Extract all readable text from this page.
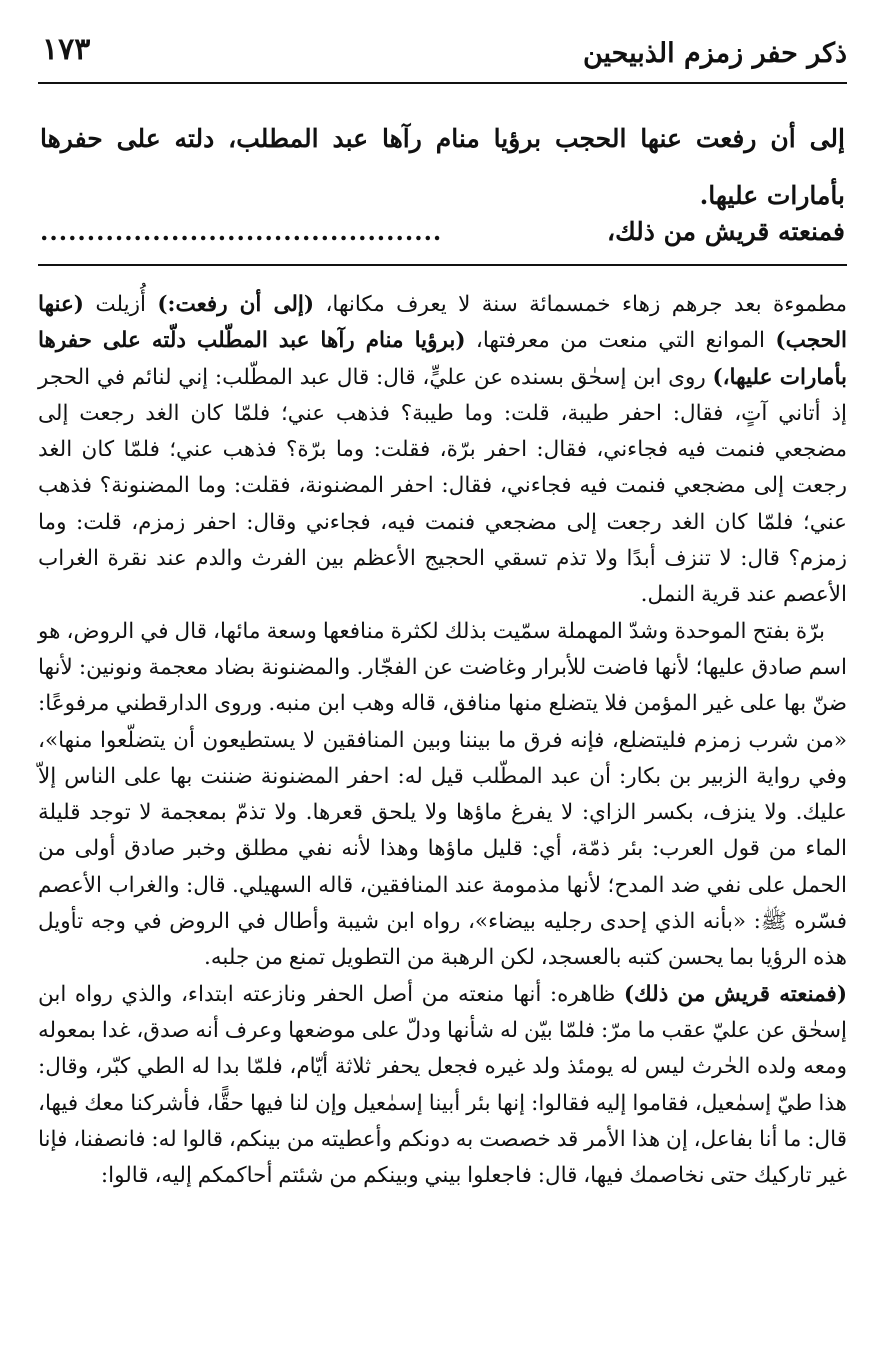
ذكر حفر زمزم الذبيحين
١٧٣

إلى أن رفعت عنها الحجب برؤيا منام رآها عبد المطلب، دلته على حفرها بأمارات عليها.

فمنعته قريش من ذلك،
...........................................

مطموءة بعد جرهم زهاء خمسمائة سنة لا يعرف مكانها، (إلى أن رفعت:) أُزيلت (عنها الحجب) الموانع التي منعت من معرفتها، (برؤيا منام رآها عبد المطّلب دلّته على حفرها بأمارات عليها،) روى ابن إسحٰق بسنده عن عليٍّ، قال: قال عبد المطّلب: إني لنائم في الحجر إذ أتاني آتٍ، فقال: احفر طيبة، قلت: وما طيبة؟ فذهب عني؛ فلمّا كان الغد رجعت إلى مضجعي فنمت فيه فجاءني، فقال: احفر برّة، فقلت: وما برّة؟ فذهب عني؛ فلمّا كان الغد رجعت إلى مضجعي فنمت فيه فجاءني، فقال: احفر المضنونة، فقلت: وما المضنونة؟ فذهب عني؛ فلمّا كان الغد رجعت إلى مضجعي فنمت فيه، فجاءني وقال: احفر زمزم، قلت: وما زمزم؟ قال: لا تنزف أبدًا ولا تذم تسقي الحجيج الأعظم بين الفرث والدم عند نقرة الغراب الأعصم عند قرية النمل.

برّة بفتح الموحدة وشدّ المهملة سمّيت بذلك لكثرة منافعها وسعة مائها، قال في الروض، هو اسم صادق عليها؛ لأنها فاضت للأبرار وغاضت عن الفجّار. والمضنونة بضاد معجمة ونونين: لأنها ضنّ بها على غير المؤمن فلا يتضلع منها منافق، قاله وهب ابن منبه. وروى الدارقطني مرفوعًا: «من شرب زمزم فليتضلع، فإنه فرق ما بيننا وبين المنافقين لا يستطيعون أن يتضلّعوا منها»، وفي رواية الزبير بن بكار: أن عبد المطّلب قيل له: احفر المضنونة ضننت بها على الناس إلاّ عليك. ولا ينزف، بكسر الزاي: لا يفرغ ماؤها ولا يلحق قعرها. ولا تذمّ بمعجمة لا توجد قليلة الماء من قول العرب: بئر ذمّة، أي: قليل ماؤها وهذا لأنه نفي مطلق وخبر صادق أولى من الحمل على نفي ضد المدح؛ لأنها مذمومة عند المنافقين، قاله السهيلي. قال: والغراب الأعصم فسّره ﷺ: «بأنه الذي إحدى رجليه بيضاء»، رواه ابن شيبة وأطال في الروض في وجه تأويل هذه الرؤيا بما يحسن كتبه بالعسجد، لكن الرهبة من التطويل تمنع من جلبه.

(فمنعته قريش من ذلك) ظاهره: أنها منعته من أصل الحفر ونازعته ابتداء، والذي رواه ابن إسحٰق عن عليّ عقب ما مرّ: فلمّا بيّن له شأنها ودلّ على موضعها وعرف أنه صدق، غدا بمعوله ومعه ولده الحٰرث ليس له يومئذ ولد غيره فجعل يحفر ثلاثة أيّام، فلمّا بدا له الطي كبّر، وقال: هذا طيّ إسمٰعيل، فقاموا إليه فقالوا: إنها بئر أبينا إسمٰعيل وإن لنا فيها حقًّا، فأشركنا معك فيها، قال: ما أنا بفاعل، إن هذا الأمر قد خصصت به دونكم وأعطيته من بينكم، قالوا له: فانصفنا، فإنا غير تاركيك حتى نخاصمك فيها، قال: فاجعلوا بيني وبينكم من شئتم أحاكمكم إليه، قالوا:
